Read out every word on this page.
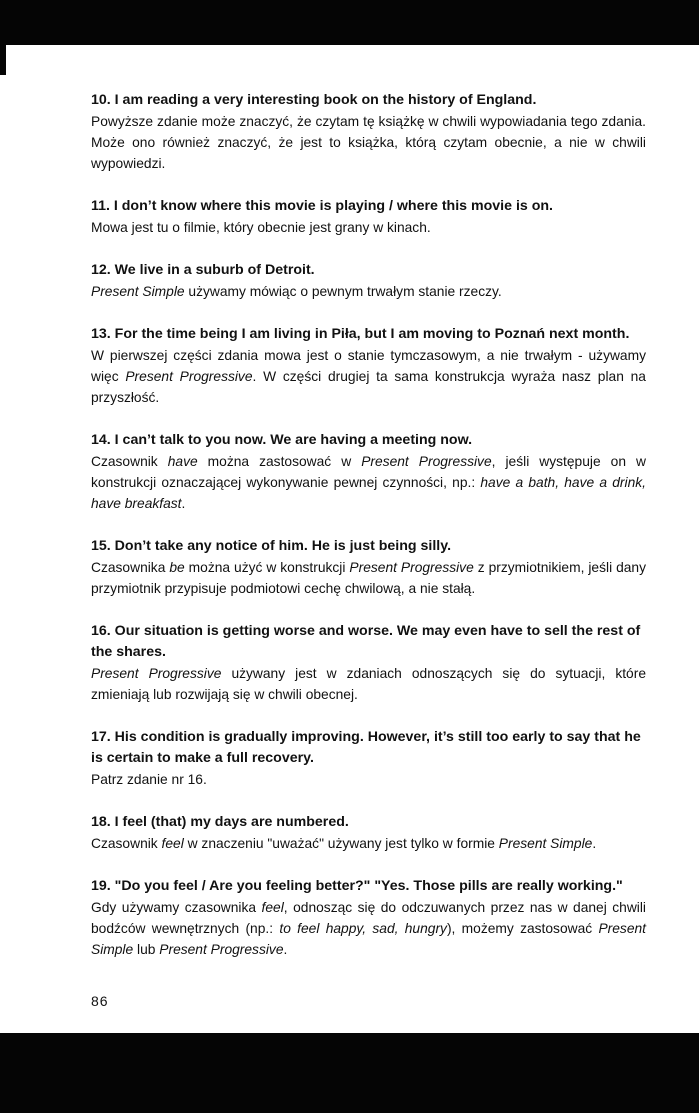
10. I am reading a very interesting book on the history of England.

Powyższe zdanie może znaczyć, że czytam tę książkę w chwili wypowiadania tego zdania. Może ono również znaczyć, że jest to książka, którą czytam obecnie, a nie w chwili wypowiedzi.

11. I don’t know where this movie is playing / where this movie is on.

Mowa jest tu o filmie, który obecnie jest grany w kinach.

12. We live in a suburb of Detroit.

Present Simple używamy mówiąc o pewnym trwałym stanie rzeczy.

13. For the time being I am living in Piła, but I am moving to Poznań next month.

W pierwszej części zdania mowa jest o stanie tymczasowym, a nie trwałym - używamy więc Present Progressive. W części drugiej ta sama konstrukcja wyraża nasz plan na przyszłość.

14. I can’t talk to you now. We are having a meeting now.

Czasownik have można zastosować w Present Progressive, jeśli występuje on w konstrukcji oznaczającej wykonywanie pewnej czynności, np.: have a bath, have a drink, have breakfast.

15. Don’t take any notice of him. He is just being silly.

Czasownika be można użyć w konstrukcji Present Progressive z przymiotnikiem, jeśli dany przymiotnik przypisuje podmiotowi cechę chwilową, a nie stałą.

16. Our situation is getting worse and worse. We may even have to sell the rest of the shares.

Present Progressive używany jest w zdaniach odnoszących się do sytuacji, które zmieniają lub rozwijają się w chwili obecnej.

17. His condition is gradually improving. However, it’s still too early to say that he is certain to make a full recovery.

Patrz zdanie nr 16.

18. I feel (that) my days are numbered.

Czasownik feel w znaczeniu "uważać" używany jest tylko w formie Present Simple.

19. "Do you feel / Are you feeling better?" "Yes. Those pills are really working."

Gdy używamy czasownika feel, odnosząc się do odczuwanych przez nas w danej chwili bodźców wewnętrznych (np.: to feel happy, sad, hungry), możemy zastosować Present Simple lub Present Progressive.

86
